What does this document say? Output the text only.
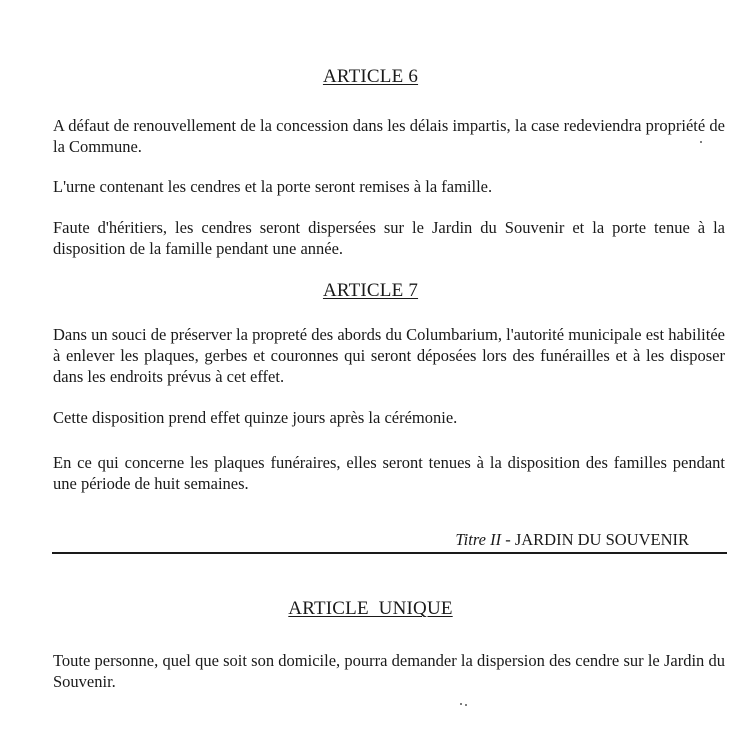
ARTICLE 6

A défaut de renouvellement de la concession dans les délais impartis, la case redeviendra propriété de la Commune.

L'urne contenant les cendres et la porte seront remises à la famille.

Faute d'héritiers, les cendres seront dispersées sur le Jardin du Souvenir et la porte tenue à la disposition de la famille pendant une année.

ARTICLE 7

Dans un souci de préserver la propreté des abords du Columbarium, l'autorité municipale est habilitée à enlever les plaques, gerbes et couronnes qui seront déposées lors des funérailles et à les disposer dans les endroits prévus à cet effet.

Cette disposition prend effet quinze jours après la cérémonie.

En ce qui concerne les plaques funéraires, elles seront tenues à la disposition des familles pendant une période de huit semaines.

Titre II - JARDIN DU SOUVENIR

ARTICLE  UNIQUE

Toute personne, quel que soit son domicile, pourra demander la dispersion des cendre sur le Jardin du Souvenir.
